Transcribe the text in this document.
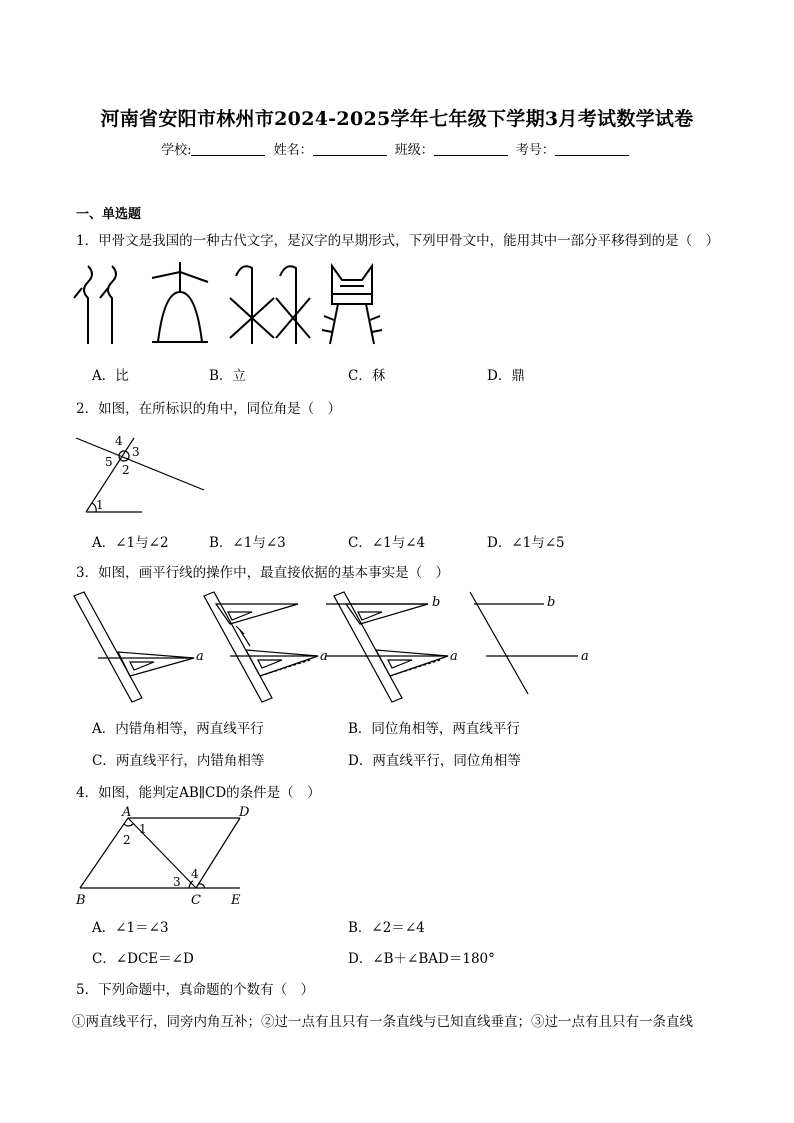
河南省安阳市林州市2024-2025学年七年级下学期3月考试数学试卷
学校:	姓名：	班级：	考号：
一、单选题
1．甲骨文是我国的一种古代文字，是汉字的早期形式，下列甲骨文中，能用其中一部分平移得到的是（　）
A．比	B．立	C．秝	D．鼎
2．如图，在所标识的角中，同位角是（　）
4
5
3
2
1
A．∠1与∠2	B．∠1与∠3	C．∠1与∠4	D．∠1与∠5
3．如图，画平行线的操作中，最直接依据的基本事实是（　）
a	a
b
a
b
a
A．内错角相等，两直线平行	B．同位角相等，两直线平行
C．两直线平行，内错角相等	D．两直线平行，同位角相等
4．如图，能判定AB∥CD的条件是（　）
A	D
B	C E
1
2
3
4
A．∠1＝∠3	B．∠2＝∠4
C．∠DCE＝∠D	D．∠B＋∠BAD＝180°
5．下列命题中，真命题的个数有（　）
①两直线平行，同旁内角互补；②过一点有且只有一条直线与已知直线垂直；③过一点有且只有一条直线
